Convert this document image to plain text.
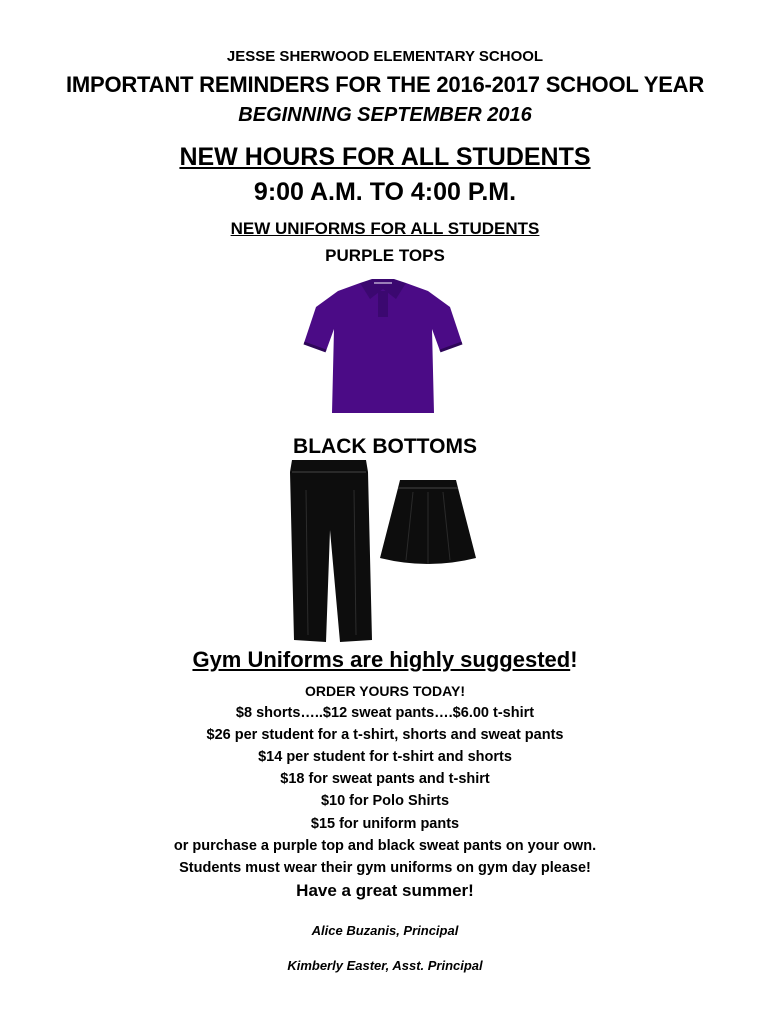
JESSE SHERWOOD ELEMENTARY SCHOOL
IMPORTANT REMINDERS FOR THE 2016-2017 SCHOOL YEAR
BEGINNING SEPTEMBER 2016
NEW HOURS FOR ALL STUDENTS
9:00 A.M. TO 4:00 P.M.
NEW UNIFORMS FOR ALL STUDENTS
PURPLE TOPS
BLACK BOTTOMS
Gym Uniforms are highly suggested!
ORDER YOURS TODAY!
$8 shorts…..$12 sweat pants….$6.00 t-shirt
$26 per student for a t-shirt, shorts and sweat pants
$14 per student for t-shirt and shorts
$18 for sweat pants and t-shirt
$10 for Polo Shirts
$15 for uniform pants
or purchase a purple top and black sweat pants on your own.
Students must wear their gym uniforms on gym day please!
Have a great summer!
Alice Buzanis, Principal
Kimberly Easter, Asst. Principal
